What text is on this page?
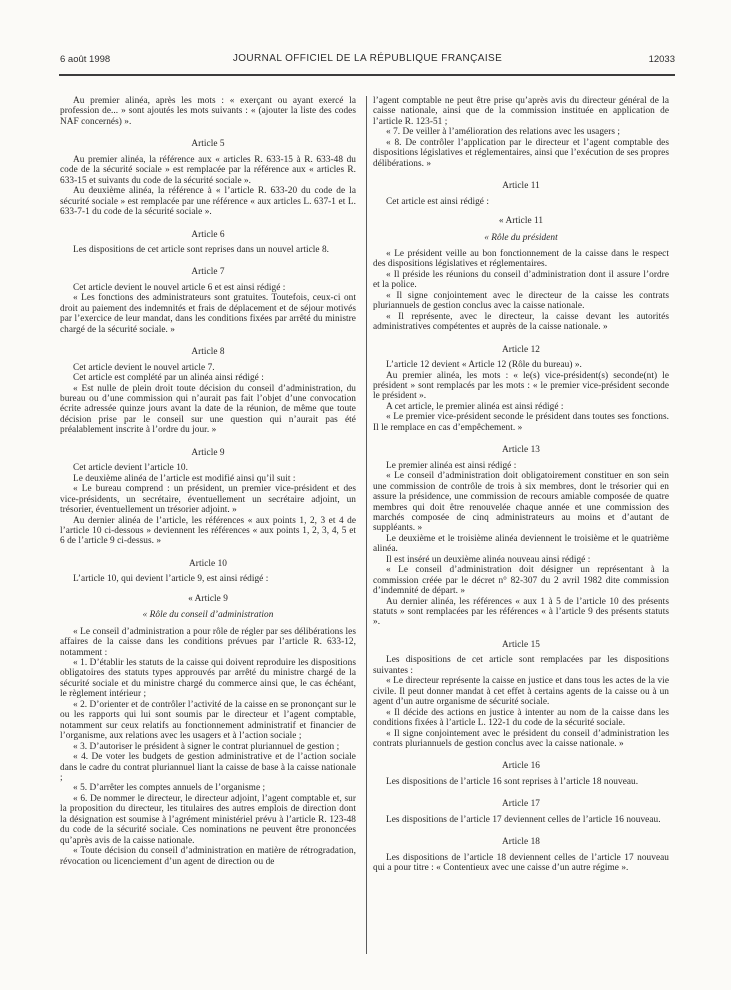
6 août 1998	JOURNAL OFFICIEL DE LA RÉPUBLIQUE FRANÇAISE	12033
Au premier alinéa, après les mots : « exerçant ou ayant exercé la profession de... » sont ajoutés les mots suivants : « (ajouter la liste des codes NAF concernés) ».
Article 5
Au premier alinéa, la référence aux « articles R. 633-15 à R. 633-48 du code de la sécurité sociale » est remplacée par la référence aux « articles R. 633-15 et suivants du code de la sécurité sociale ».
Au deuxième alinéa, la référence à « l’article R. 633-20 du code de la sécurité sociale » est remplacée par une référence « aux articles L. 637-1 et L. 633-7-1 du code de la sécurité sociale ».
Article 6
Les dispositions de cet article sont reprises dans un nouvel article 8.
Article 7
Cet article devient le nouvel article 6 et est ainsi rédigé :
« Les fonctions des administrateurs sont gratuites. Toutefois, ceux-ci ont droit au paiement des indemnités et frais de déplacement et de séjour motivés par l’exercice de leur mandat, dans les conditions fixées par arrêté du ministre chargé de la sécurité sociale. »
Article 8
Cet article devient le nouvel article 7.
Cet article est complété par un alinéa ainsi rédigé :
« Est nulle de plein droit toute décision du conseil d’administration, du bureau ou d’une commission qui n’aurait pas fait l’objet d’une convocation écrite adressée quinze jours avant la date de la réunion, de même que toute décision prise par le conseil sur une question qui n’aurait pas été préalablement inscrite à l’ordre du jour. »
Article 9
Cet article devient l’article 10.
Le deuxième alinéa de l’article est modifié ainsi qu’il suit :
« Le bureau comprend : un président, un premier vice-président et des vice-présidents, un secrétaire, éventuellement un secrétaire adjoint, un trésorier, éventuellement un trésorier adjoint. »
Au dernier alinéa de l’article, les références « aux points 1, 2, 3 et 4 de l’article 10 ci-dessous » deviennent les références « aux points 1, 2, 3, 4, 5 et 6 de l’article 9 ci-dessus. »
Article 10
L’article 10, qui devient l’article 9, est ainsi rédigé :
« Article 9
« Rôle du conseil d’administration
« Le conseil d’administration a pour rôle de régler par ses délibérations les affaires de la caisse dans les conditions prévues par l’article R. 633-12, notamment :
« 1. D’établir les statuts de la caisse qui doivent reproduire les dispositions obligatoires des statuts types approuvés par arrêté du ministre chargé de la sécurité sociale et du ministre chargé du commerce ainsi que, le cas échéant, le règlement intérieur ;
« 2. D’orienter et de contrôler l’activité de la caisse en se prononçant sur le ou les rapports qui lui sont soumis par le directeur et l’agent comptable, notamment sur ceux relatifs au fonctionnement administratif et financier de l’organisme, aux relations avec les usagers et à l’action sociale ;
« 3. D’autoriser le président à signer le contrat pluriannuel de gestion ;
« 4. De voter les budgets de gestion administrative et de l’action sociale dans le cadre du contrat pluriannuel liant la caisse de base à la caisse nationale ;
« 5. D’arrêter les comptes annuels de l’organisme ;
« 6. De nommer le directeur, le directeur adjoint, l’agent comptable et, sur la proposition du directeur, les titulaires des autres emplois de direction dont la désignation est soumise à l’agrément ministériel prévu à l’article R. 123-48 du code de la sécurité sociale. Ces nominations ne peuvent être prononcées qu’après avis de la caisse nationale.
« Toute décision du conseil d’administration en matière de rétrogradation, révocation ou licenciement d’un agent de direction ou de
l’agent comptable ne peut être prise qu’après avis du directeur général de la caisse nationale, ainsi que de la commission instituée en application de l’article R. 123-51 ;
« 7. De veiller à l’amélioration des relations avec les usagers ;
« 8. De contrôler l’application par le directeur et l’agent comptable des dispositions législatives et réglementaires, ainsi que l’exécution de ses propres délibérations. »
Article 11
Cet article est ainsi rédigé :
« Article 11
« Rôle du président
« Le président veille au bon fonctionnement de la caisse dans le respect des dispositions législatives et réglementaires.
« Il préside les réunions du conseil d’administration dont il assure l’ordre et la police.
« Il signe conjointement avec le directeur de la caisse les contrats pluriannuels de gestion conclus avec la caisse nationale.
« Il représente, avec le directeur, la caisse devant les autorités administratives compétentes et auprès de la caisse nationale. »
Article 12
L’article 12 devient « Article 12 (Rôle du bureau) ».
Au premier alinéa, les mots : « le(s) vice-président(s) seconde(nt) le président » sont remplacés par les mots : « le premier vice-président seconde le président ».
A cet article, le premier alinéa est ainsi rédigé :
« Le premier vice-président seconde le président dans toutes ses fonctions. Il le remplace en cas d’empêchement. »
Article 13
Le premier alinéa est ainsi rédigé :
« Le conseil d’administration doit obligatoirement constituer en son sein une commission de contrôle de trois à six membres, dont le trésorier qui en assure la présidence, une commission de recours amiable composée de quatre membres qui doit être renouvelée chaque année et une commission des marchés composée de cinq administrateurs au moins et d’autant de suppléants. »
Le deuxième et le troisième alinéa deviennent le troisième et le quatrième alinéa.
Il est inséré un deuxième alinéa nouveau ainsi rédigé :
« Le conseil d’administration doit désigner un représentant à la commission créée par le décret n° 82-307 du 2 avril 1982 dite commission d’indemnité de départ. »
Au dernier alinéa, les références « aux 1 à 5 de l’article 10 des présents statuts » sont remplacées par les références « à l’article 9 des présents statuts ».
Article 15
Les dispositions de cet article sont remplacées par les dispositions suivantes :
« Le directeur représente la caisse en justice et dans tous les actes de la vie civile. Il peut donner mandat à cet effet à certains agents de la caisse ou à un agent d’un autre organisme de sécurité sociale.
« Il décide des actions en justice à intenter au nom de la caisse dans les conditions fixées à l’article L. 122-1 du code de la sécurité sociale.
« Il signe conjointement avec le président du conseil d’administration les contrats pluriannuels de gestion conclus avec la caisse nationale. »
Article 16
Les dispositions de l’article 16 sont reprises à l’article 18 nouveau.
Article 17
Les dispositions de l’article 17 deviennent celles de l’article 16 nouveau.
Article 18
Les dispositions de l’article 18 deviennent celles de l’article 17 nouveau qui a pour titre : « Contentieux avec une caisse d’un autre régime ».
